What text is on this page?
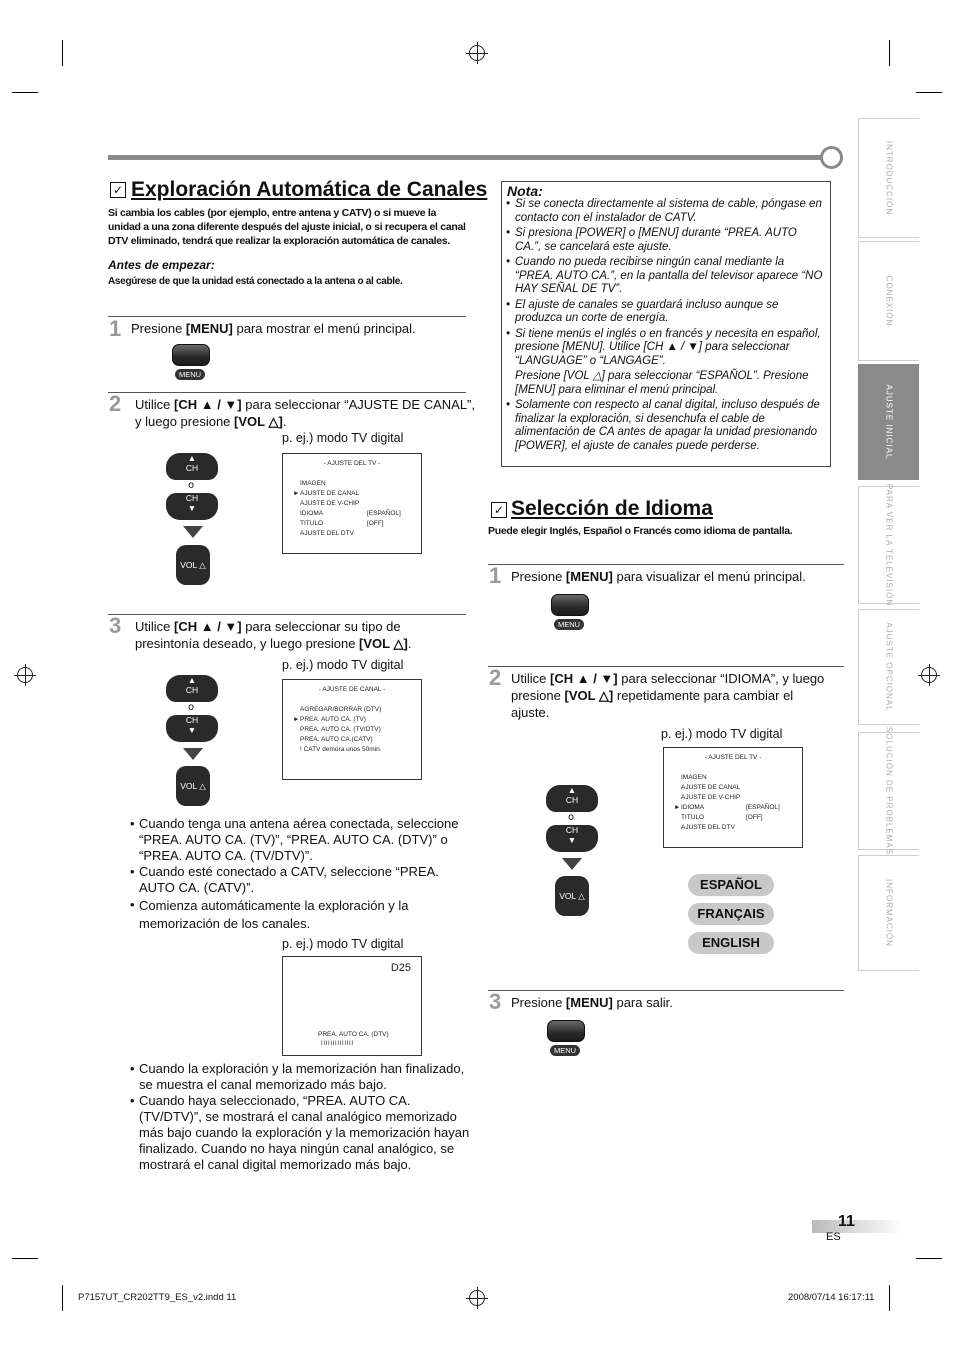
INTRODUCCIÓN
CONEXIÓN
AJUSTE INICIAL
PARA VER LA TELEVISIÓN
AJUSTE OPCIONAL
SOLUCIÓN DE PROBLEMAS
INFORMACIÓN
✓ Exploración Automática de Canales
Si cambia los cables (por ejemplo, entre antena y CATV) o si mueve la unidad a una zona diferente después del ajuste inicial, o si recupera el canal DTV eliminado, tendrá que realizar la exploración automática de canales.
Antes de empezar:
Asegúrese de que la unidad está conectado a la antena o al cable.
1 Presione [MENU] para mostrar el menú principal.
MENU
2 Utilice [CH ▲ / ▼] para seleccionar “AJUSTE DE CANAL”,
y luego presione [VOL △].
p. ej.) modo TV digital
▲
CH
o
CH
▼
VOL △
- AJUSTE DEL TV -
IMAGEN
AJUSTE DE CANAL
AJUSTE DE V-CHIP
IDIOMA
TITULO
AJUSTE DEL DTV
►
[ESPAÑOL]
[OFF]
3 Utilice [CH ▲ / ▼] para seleccionar su tipo de
presintonía deseado, y luego presione [VOL △].
p. ej.) modo TV digital
▲
CH
o
CH
▼
VOL △
- AJUSTE DE CANAL -
AGREGAR/BORRAR (DTV)
PREA. AUTO CA. (TV)
PREA. AUTO CA. (TV/DTV)
PREA. AUTO CA.(CATV)
! CATV demora unos 50min.
►
• Cuando tenga una antena aérea conectada, seleccione “PREA. AUTO CA. (TV)”, “PREA. AUTO CA. (DTV)” o “PREA. AUTO CA. (TV/DTV)”.
• Cuando esté conectado a CATV, seleccione “PREA. AUTO CA. (CATV)”.
• Comienza automáticamente la exploración y la memorización de los canales.
p. ej.) modo TV digital
D25
PREA. AUTO CA. (DTV)
I I I I I I I I I I I I I I
• Cuando la exploración y la memorización han finalizado, se muestra el canal memorizado más bajo.
• Cuando haya seleccionado, “PREA. AUTO CA. (TV/DTV)”, se mostrará el canal analógico memorizado más bajo cuando la exploración y la memorización hayan finalizado. Cuando no haya ningún canal analógico, se mostrará el canal digital memorizado más bajo.
Nota:
• Si se conecta directamente al sistema de cable, póngase en contacto con el instalador de CATV.
• Si presiona [POWER] o [MENU] durante “PREA. AUTO CA.”, se cancelará este ajuste.
• Cuando no pueda recibirse ningún canal mediante la “PREA. AUTO CA.”, en la pantalla del televisor aparece “NO HAY SEÑAL DE TV”.
• El ajuste de canales se guardará incluso aunque se produzca un corte de energía.
• Si tiene menús el inglés o en francés y necesita en español, presione [MENU]. Utilice [CH ▲ / ▼] para seleccionar “LANGUAGE” o “LANGAGE”.
Presione [VOL △] para seleccionar “ESPAÑOL”. Presione [MENU] para eliminar el menú principal.
• Solamente con respecto al canal digital, incluso después de finalizar la exploración, si desenchufa el cable de alimentación de CA antes de apagar la unidad presionando [POWER], el ajuste de canales puede perderse.
✓ Selección de Idioma
Puede elegir Inglés, Español o Francés como idioma de pantalla.
1 Presione [MENU] para visualizar el menú principal.
MENU
2 Utilice [CH ▲ / ▼] para seleccionar “IDIOMA”, y luego
presione [VOL △] repetidamente para cambiar el
ajuste.
p. ej.) modo TV digital
▲
CH
o
CH
▼
VOL △
- AJUSTE DEL TV -
IMAGEN
AJUSTE DE CANAL
AJUSTE DE V-CHIP
IDIOMA
TITULO
AJUSTE DEL DTV
►	[ESPAÑOL]
[OFF]
ESPAÑOL
FRANÇAIS
ENGLISH
3 Presione [MENU] para salir.
MENU
11
ES
P7157UT_CR202TT9_ES_v2.indd 11	2008/07/14 16:17:11
